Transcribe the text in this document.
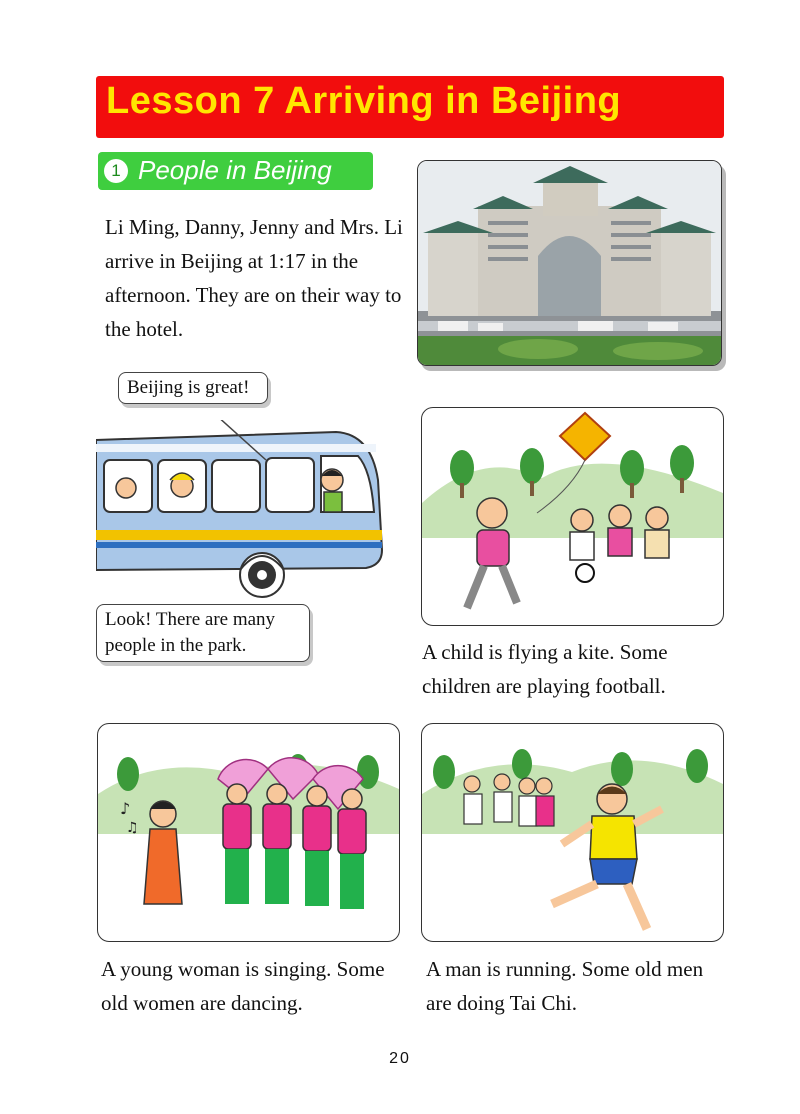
Lesson 7 Arriving in Beijing
1 People in Beijing
Li Ming, Danny, Jenny and Mrs. Li arrive in Beijing at 1:17 in the afternoon. They are on their way to the hotel.
Beijing is great!
Look! There are many people in the park.	A child is flying a kite. Some children are playing football.
♪
♫
A young woman is singing. Some old women are dancing.
A man is running. Some old men are doing Tai Chi.
20
